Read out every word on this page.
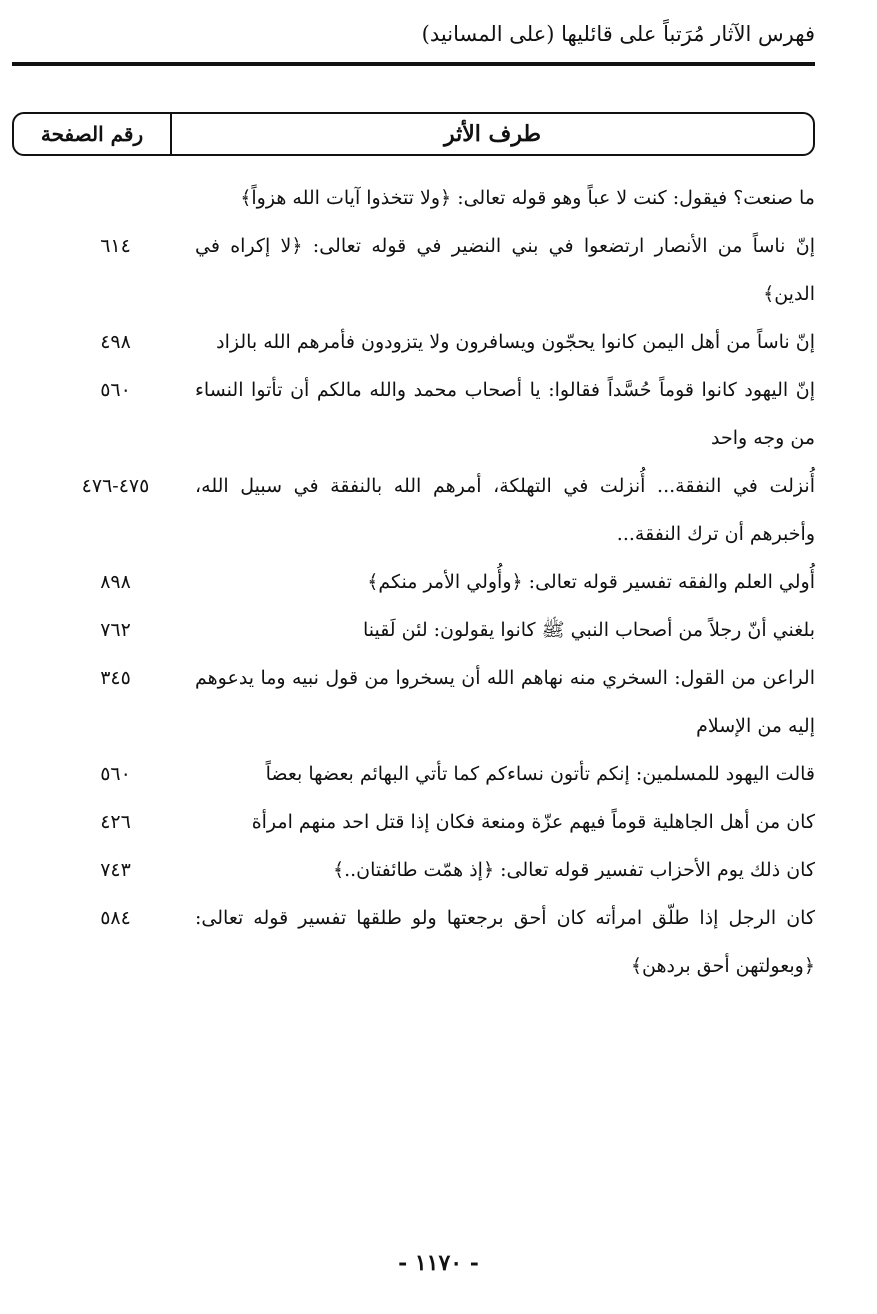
فهرس الآثار مُرَتباً على قائليها (على المسانيد)
طرف الأثر
رقم الصفحة
ما صنعت؟ فيقول: كنت لا عباً وهو قوله تعالى: ﴿ولا تتخذوا آيات الله هزواً﴾
إنّ ناساً من الأنصار ارتضعوا في بني النضير في قوله تعالى: ﴿لا إكراه في الدين﴾
٦١٤
إنّ ناساً من أهل اليمن كانوا يحجّون ويسافرون ولا يتزودون فأمرهم الله بالزاد
٤٩٨
إنّ اليهود كانوا قوماً حُسَّداً فقالوا: يا أصحاب محمد والله مالكم أن تأتوا النساء من وجه واحد
٥٦٠
أُنزلت في النفقة... أُنزلت في التهلكة، أمرهم الله بالنفقة في سبيل الله، وأخبرهم أن ترك النفقة...
٤٧٥-٤٧٦
أُولي العلم والفقه تفسير قوله تعالى: ﴿وأُولي الأمر منكم﴾
٨٩٨
بلغني أنّ رجلاً من أصحاب النبي ﷺ كانوا يقولون: لئن لَقينا
٧٦٢
الراعن من القول: السخري منه نهاهم الله أن يسخروا من قول نبيه وما يدعوهم إليه من الإسلام
٣٤٥
قالت اليهود للمسلمين: إنكم تأتون نساءكم كما تأتي البهائم بعضها بعضاً
٥٦٠
كان من أهل الجاهلية قوماً فيهم عزّة ومنعة فكان إذا قتل احد منهم امرأة
٤٢٦
كان ذلك يوم الأحزاب تفسير قوله تعالى: ﴿إذ همّت طائفتان..﴾
٧٤٣
كان الرجل إذا طلّق امرأته كان أحق برجعتها ولو طلقها تفسير قوله تعالى: ﴿وبعولتهن أحق بردهن﴾
٥٨٤
- ١١٧٠ -
